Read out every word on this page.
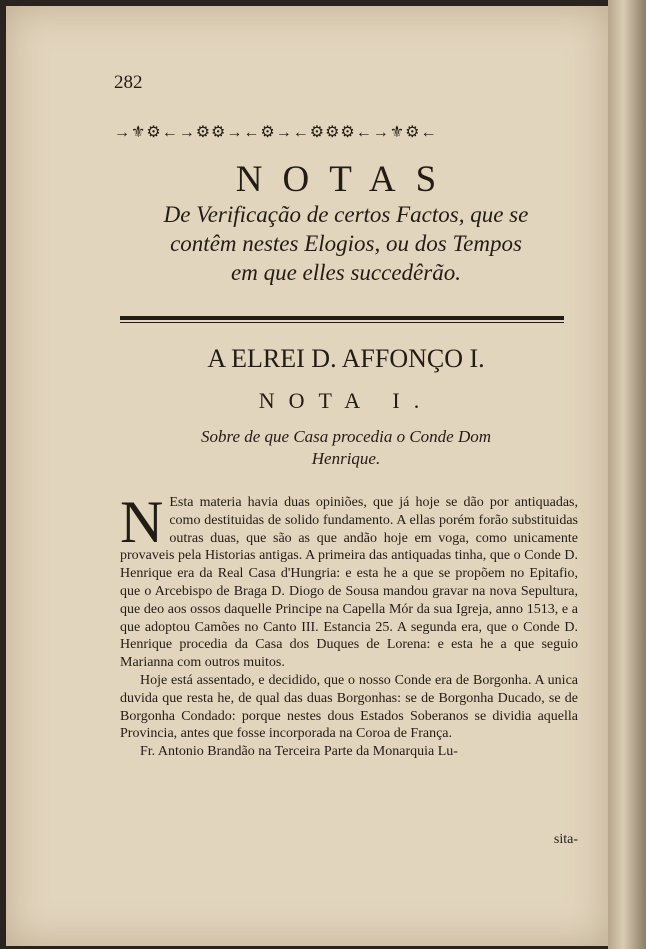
282
→⚜⚙←→⚙⚙→←⚙→←⚙⚙⚙←→⚜⚙←
NOTAS
De Verificação de certos Factos, que se
contêm nestes Elogios, ou dos Tempos
em que elles succedêrão.
A ELREI D. AFFONÇO I.
NOTA I.
Sobre de que Casa procedia o Conde Dom
Henrique.

N Esta materia havia duas opiniões, que já hoje se dão por antiquadas, como destituidas de solido fundamento. A ellas porém forão substituidas outras duas, que são as que andão hoje em voga, como unicamente provaveis pela Historias antigas. A primeira das antiquadas tinha, que o Conde D. Henrique era da Real Casa d'Hungria: e esta he a que se propõem no Epitafio, que o Arcebispo de Braga D. Diogo de Sousa mandou gravar na nova Sepultura, que deo aos ossos daquelle Principe na Capella Mór da sua Igreja, anno 1513, e a que adoptou Camões no Canto III. Estancia 25. A segunda era, que o Conde D. Henrique procedia da Casa dos Duques de Lorena: e esta he a que seguio Marianna com outros muitos.

Hoje está assentado, e decidido, que o nosso Conde era de Borgonha. A unica duvida que resta he, de qual das duas Borgonhas: se de Borgonha Ducado, se de Borgonha Condado: porque nestes dous Estados Soberanos se dividia aquella Provincia, antes que fosse incorporada na Coroa de França.

Fr. Antonio Brandão na Terceira Parte da Monarquia Lu-

sita-
